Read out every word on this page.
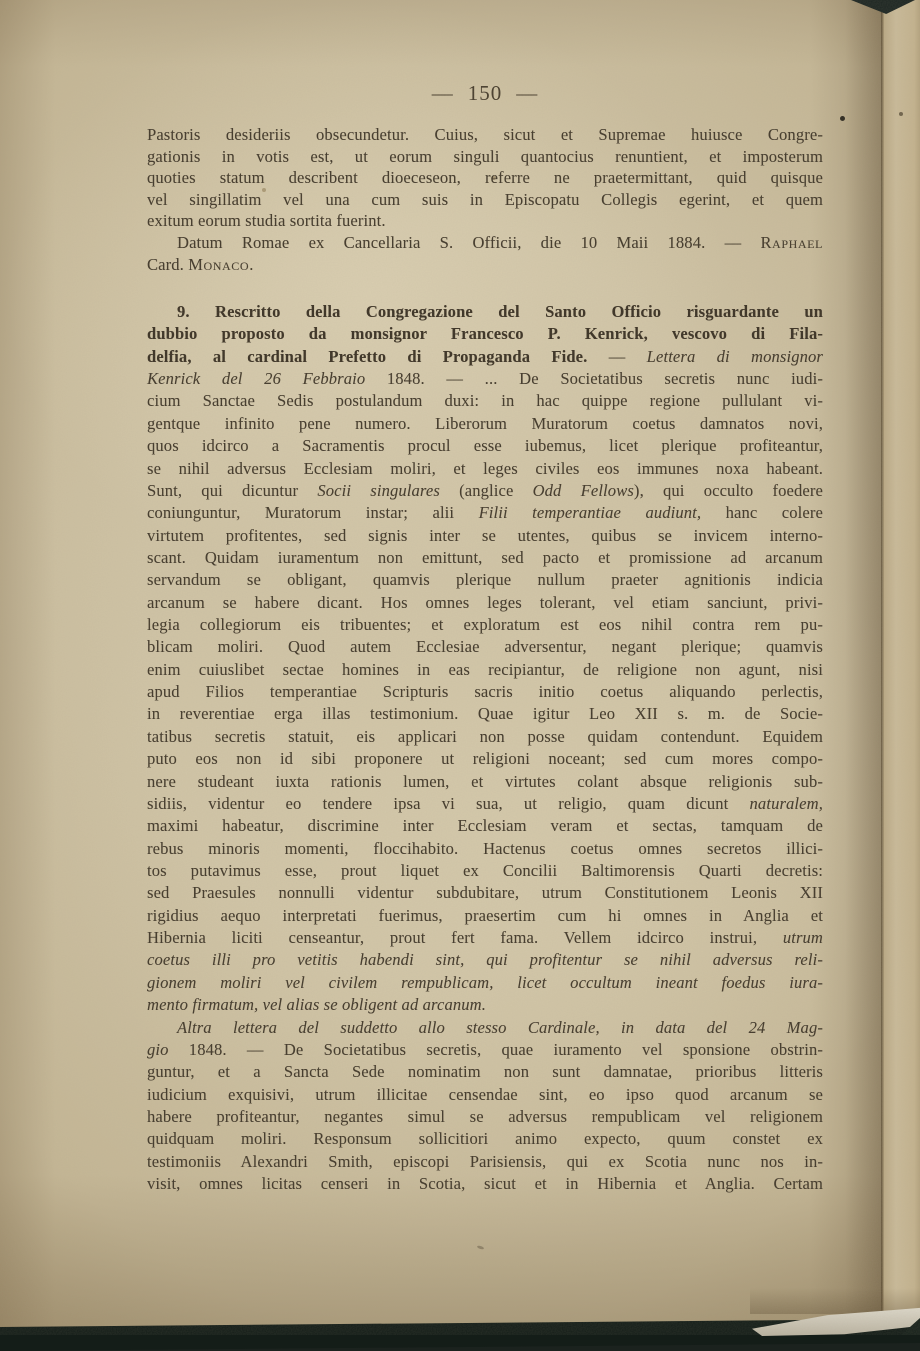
— 150 —
Pastoris desideriis obsecundetur. Cuius, sicut et Supremae huiusce Congre-
gationis in votis est, ut eorum singuli quantocius renuntient, et imposterum
quoties statum describent dioeceseon, referre ne praetermittant, quid quisque
vel singillatim vel una cum suis in Episcopatu Collegis egerint, et quem
exitum eorum studia sortita fuerint.
Datum Romae ex Cancellaria S. Officii, die 10 Maii 1884. — Raphael
Card. Monaco.
9. Rescritto della Congregazione del Santo Officio risguardante un
dubbio proposto da monsignor Francesco P. Kenrick, vescovo di Fila-
delfia, al cardinal Prefetto di Propaganda Fide. — Lettera di monsignor
Kenrick del 26 Febbraio 1848. — ... De Societatibus secretis nunc iudi-
cium Sanctae Sedis postulandum duxi: in hac quippe regione pullulant vi-
gentque infinito pene numero. Liberorum Muratorum coetus damnatos novi,
quos idcirco a Sacramentis procul esse iubemus, licet plerique profiteantur,
se nihil adversus Ecclesiam moliri, et leges civiles eos immunes noxa habeant.
Sunt, qui dicuntur Socii singulares (anglice Odd Fellows), qui occulto foedere
coniunguntur, Muratorum instar; alii Filii temperantiae audiunt, hanc colere
virtutem profitentes, sed signis inter se utentes, quibus se invicem interno-
scant. Quidam iuramentum non emittunt, sed pacto et promissione ad arcanum
servandum se obligant, quamvis plerique nullum praeter agnitionis indicia
arcanum se habere dicant. Hos omnes leges tolerant, vel etiam sanciunt, privi-
legia collegiorum eis tribuentes; et exploratum est eos nihil contra rem pu-
blicam moliri. Quod autem Ecclesiae adversentur, negant plerique; quamvis
enim cuiuslibet sectae homines in eas recipiantur, de religione non agunt, nisi
apud Filios temperantiae Scripturis sacris initio coetus aliquando perlectis,
in reverentiae erga illas testimonium. Quae igitur Leo XII s. m. de Socie-
tatibus secretis statuit, eis applicari non posse quidam contendunt. Equidem
puto eos non id sibi proponere ut religioni noceant; sed cum mores compo-
nere studeant iuxta rationis lumen, et virtutes colant absque religionis sub-
sidiis, videntur eo tendere ipsa vi sua, ut religio, quam dicunt naturalem,
maximi habeatur, discrimine inter Ecclesiam veram et sectas, tamquam de
rebus minoris momenti, floccihabito. Hactenus coetus omnes secretos illici-
tos putavimus esse, prout liquet ex Concilii Baltimorensis Quarti decretis:
sed Praesules nonnulli videntur subdubitare, utrum Constitutionem Leonis XII
rigidius aequo interpretati fuerimus, praesertim cum hi omnes in Anglia et
Hibernia liciti censeantur, prout fert fama. Vellem idcirco instrui, utrum
coetus illi pro vetitis habendi sint, qui profitentur se nihil adversus reli-
gionem moliri vel civilem rempublicam, licet occultum ineant foedus iura-
mento firmatum, vel alias se obligent ad arcanum.
Altra lettera del suddetto allo stesso Cardinale, in data del 24 Mag-
gio 1848. — De Societatibus secretis, quae iuramento vel sponsione obstrin-
guntur, et a Sancta Sede nominatim non sunt damnatae, prioribus litteris
iudicium exquisivi, utrum illicitae censendae sint, eo ipso quod arcanum se
habere profiteantur, negantes simul se adversus rempublicam vel religionem
quidquam moliri. Responsum sollicitiori animo expecto, quum constet ex
testimoniis Alexandri Smith, episcopi Parisiensis, qui ex Scotia nunc nos in-
visit, omnes licitas censeri in Scotia, sicut et in Hibernia et Anglia. Certam
